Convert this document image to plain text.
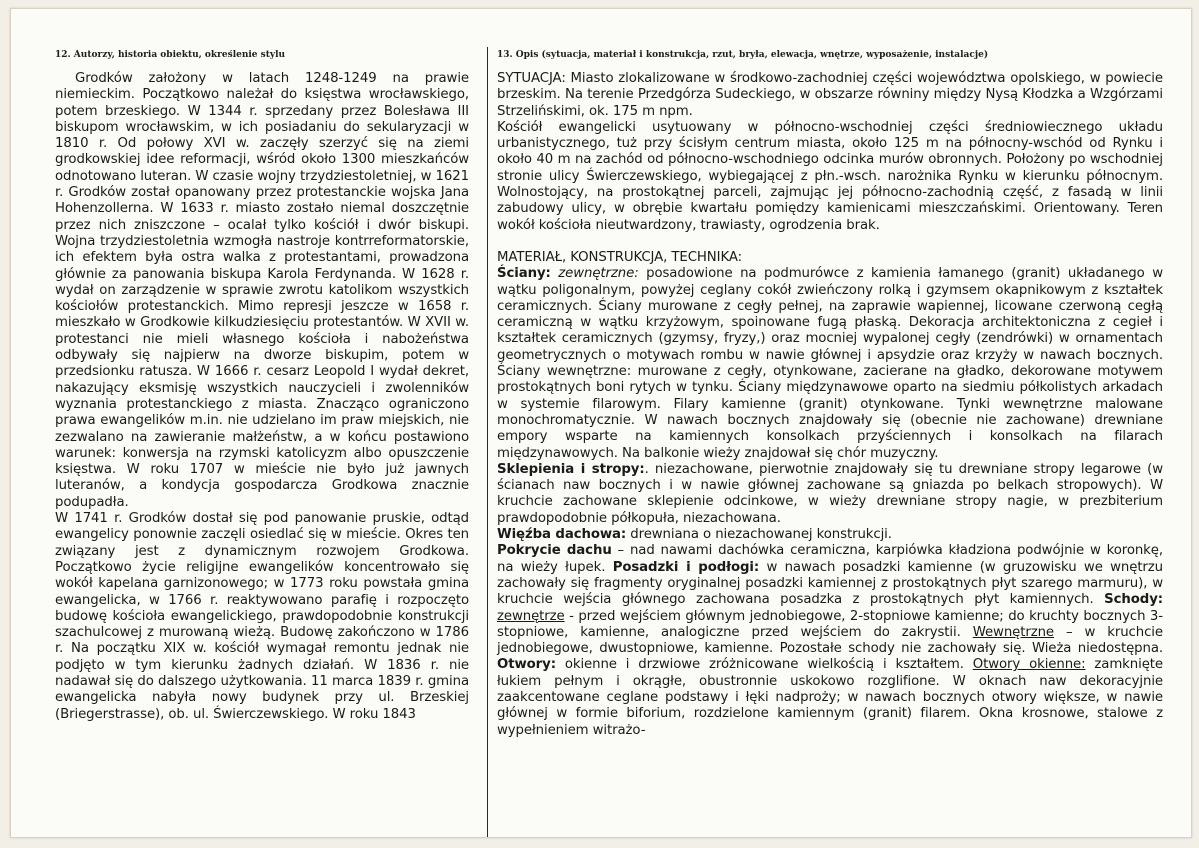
12. Autorzy, historia obiektu, określenie stylu

Grodków założony w latach 1248-1249 na prawie niemieckim. Początkowo należał do księstwa wrocławskiego, potem brzeskiego. W 1344 r. sprzedany przez Bolesława III biskupom wrocławskim, w ich posiadaniu do sekularyzacji w 1810 r. Od połowy XVI w. zaczęły szerzyć się na ziemi grodkowskiej idee reformacji, wśród około 1300 mieszkańców odnotowano luteran. W czasie wojny trzydziestoletniej, w 1621 r. Grodków został opanowany przez protestanckie wojska Jana Hohenzollerna. W 1633 r. miasto zostało niemal doszczętnie przez nich zniszczone – ocalał tylko kościół i dwór biskupi. Wojna trzydziestoletnia wzmogła nastroje kontrreformatorskie, ich efektem była ostra walka z protestantami, prowadzona głównie za panowania biskupa Karola Ferdynanda. W 1628 r. wydał on zarządzenie w sprawie zwrotu katolikom wszystkich kościołów protestanckich. Mimo represji jeszcze w 1658 r. mieszkało w Grodkowie kilkudziesięciu protestantów. W XVII w. protestanci nie mieli własnego kościoła i nabożeństwa odbywały się najpierw na dworze biskupim, potem w przedsionku ratusza. W 1666 r. cesarz Leopold I wydał dekret, nakazujący eksmisję wszystkich nauczycieli i zwolenników wyznania protestanckiego z miasta. Znacząco ograniczono prawa ewangelików m.in. nie udzielano im praw miejskich, nie zezwalano na zawieranie małżeństw, a w końcu postawiono warunek: konwersja na rzymski katolicyzm albo opuszczenie księstwa. W roku 1707 w mieście nie było już jawnych luteranów, a kondycja gospodarcza Grodkowa znacznie podupadła.

W 1741 r. Grodków dostał się pod panowanie pruskie, odtąd ewangelicy ponownie zaczęli osiedlać się w mieście. Okres ten związany jest z dynamicznym rozwojem Grodkowa. Początkowo życie religijne ewangelików koncentrowało się wokół kapelana garnizonowego; w 1773 roku powstała gmina ewangelicka, w 1766 r. reaktywowano parafię i rozpoczęto budowę kościoła ewangelickiego, prawdopodobnie konstrukcji szachulcowej z murowaną wieżą. Budowę zakończono w 1786 r. Na początku XIX w. kościół wymagał remontu jednak nie podjęto w tym kierunku żadnych działań. W 1836 r. nie nadawał się do dalszego użytkowania. 11 marca 1839 r. gmina ewangelicka nabyła nowy budynek przy ul. Brzeskiej (Briegerstrasse), ob. ul. Świerczewskiego. W roku 1843

13. Opis (sytuacja, materiał i konstrukcja, rzut, bryła, elewacja, wnętrze, wyposażenie, instalacje)

SYTUACJA: Miasto zlokalizowane w środkowo-zachodniej części województwa opolskiego, w powiecie brzeskim. Na terenie Przedgórza Sudeckiego, w obszarze równiny między Nysą Kłodzka a Wzgórzami Strzelińskimi, ok. 175 m npm.

Kościół ewangelicki usytuowany w północno-wschodniej części średniowiecznego układu urbanistycznego, tuż przy ścisłym centrum miasta, około 125 m na północny-wschód od Rynku i około 40 m na zachód od północno-wschodniego odcinka murów obronnych. Położony po wschodniej stronie ulicy Świerczewskiego, wybiegającej z płn.-wsch. narożnika Rynku w kierunku północnym. Wolnostojący, na prostokątnej parceli, zajmując jej północno-zachodnią część, z fasadą w linii zabudowy ulicy, w obrębie kwartału pomiędzy kamienicami mieszczańskimi. Orientowany. Teren wokół kościoła nieutwardzony, trawiasty, ogrodzenia brak.

MATERIAŁ, KONSTRUKCJA, TECHNIKA:

Ściany: zewnętrzne: posadowione na podmurówce z kamienia łamanego (granit) układanego w wątku poligonalnym, powyżej ceglany cokół zwieńczony rolką i gzymsem okapnikowym z kształtek ceramicznych. Ściany murowane z cegły pełnej, na zaprawie wapiennej, licowane czerwoną cegłą ceramiczną w wątku krzyżowym, spoinowane fugą płaską. Dekoracja architektoniczna z cegieł i kształtek ceramicznych (gzymsy, fryzy,) oraz mocniej wypalonej cegły (zendrówki) w ornamentach geometrycznych o motywach rombu w nawie głównej i apsydzie oraz krzyży w nawach bocznych. Ściany wewnętrzne: murowane z cegły, otynkowane, zacierane na gładko, dekorowane motywem prostokątnych boni rytych w tynku. Ściany międzynawowe oparto na siedmiu półkolistych arkadach w systemie filarowym. Filary kamienne (granit) otynkowane. Tynki wewnętrzne malowane monochromatycznie. W nawach bocznych znajdowały się (obecnie nie zachowane) drewniane empory wsparte na kamiennych konsolkach przyściennych i konsolkach na filarach międzynawowych. Na balkonie wieży znajdował się chór muzyczny.

Sklepienia i stropy:. niezachowane, pierwotnie znajdowały się tu drewniane stropy legarowe (w ścianach naw bocznych i w nawie głównej zachowane są gniazda po belkach stropowych). W kruchcie zachowane sklepienie odcinkowe, w wieży drewniane stropy nagie, w prezbiterium prawdopodobnie półkopuła, niezachowana.

Więźba dachowa: drewniana o niezachowanej konstrukcji.

Pokrycie dachu – nad nawami dachówka ceramiczna, karpiówka kładziona podwójnie w koronkę, na wieży łupek. Posadzki i podłogi: w nawach posadzki kamienne (w gruzowisku we wnętrzu zachowały się fragmenty oryginalnej posadzki kamiennej z prostokątnych płyt szarego marmuru), w kruchcie wejścia głównego zachowana posadzka z prostokątnych płyt kamiennych. Schody: zewnętrze - przed wejściem głównym jednobiegowe, 2-stopniowe kamienne; do kruchty bocznych 3-stopniowe, kamienne, analogiczne przed wejściem do zakrystii. Wewnętrzne – w kruchcie jednobiegowe, dwustopniowe, kamienne. Pozostałe schody nie zachowały się. Wieża niedostępna. Otwory: okienne i drzwiowe zróżnicowane wielkością i kształtem. Otwory okienne: zamknięte łukiem pełnym i okrągłe, obustronnie uskokowo rozglifione. W oknach naw dekoracyjnie zaakcentowane ceglane podstawy i łęki nadproży; w nawach bocznych otwory większe, w nawie głównej w formie biforium, rozdzielone kamiennym (granit) filarem. Okna krosnowe, stalowe z wypełnieniem witrażo-
